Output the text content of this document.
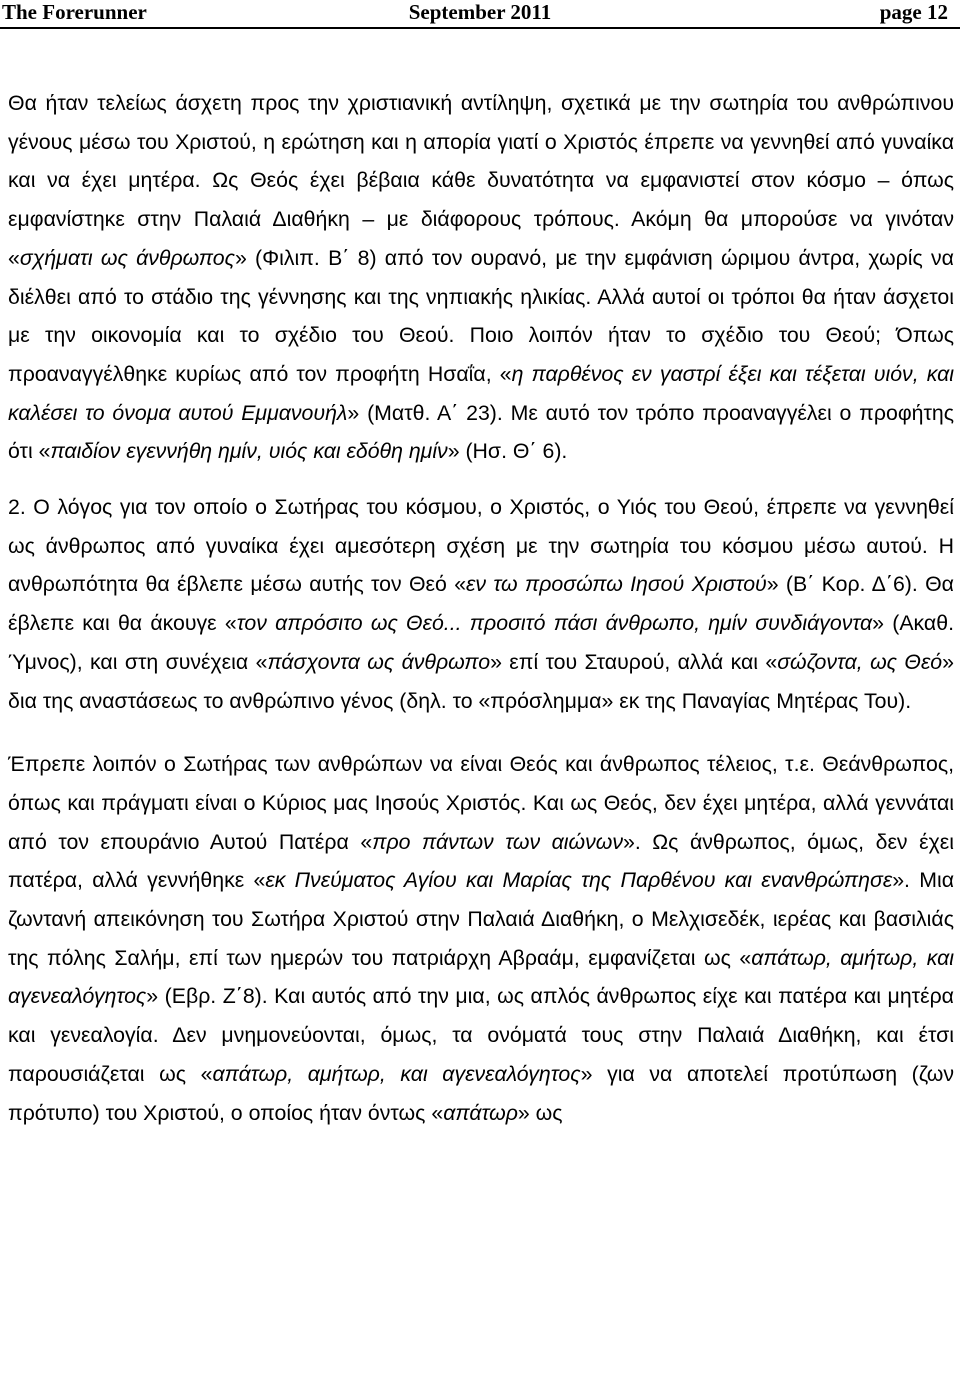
The Forerunner	September 2011	page 12

Θα ήταν τελείως άσχετη προς την χριστιανική αντίληψη, σχετικά με την σωτηρία του ανθρώπινου γένους μέσω του Χριστού, η ερώτηση και η απορία γιατί ο Χριστός έπρεπε να γεννηθεί από γυναίκα και να έχει μητέρα. Ως Θεός έχει βέβαια κάθε δυνατότητα να εμφανιστεί στον κόσμο – όπως εμφανίστηκε στην Παλαιά Διαθήκη – με διάφορους τρόπους. Ακόμη θα μπορούσε να γινόταν «σχήματι ως άνθρωπος» (Φιλιπ. Β΄ 8) από τον ουρανό, με την εμφάνιση ώριμου άντρα, χωρίς να διέλθει από το στάδιο της γέννησης και της νηπιακής ηλικίας. Αλλά αυτοί οι τρόποι θα ήταν άσχετοι με την οικονομία και το σχέδιο του Θεού. Ποιο λοιπόν ήταν το σχέδιο του Θεού; Όπως προαναγγέλθηκε κυρίως από τον προφήτη Ησαΐα, «η παρθένος εν γαστρί έξει και τέξεται υιόν, και καλέσει το όνομα αυτού Εμμανουήλ» (Ματθ. Α΄ 23). Με αυτό τον τρόπο προαναγγέλει ο προφήτης ότι «παιδίον εγεννήθη ημίν, υιός και εδόθη ημίν» (Ησ. Θ΄ 6).

2. Ο λόγος για τον οποίο ο Σωτήρας του κόσμου, ο Χριστός, ο Υιός του Θεού, έπρεπε να γεννηθεί ως άνθρωπος από γυναίκα έχει αμεσότερη σχέση με την σωτηρία του κόσμου μέσω αυτού. Η ανθρωπότητα θα έβλεπε μέσω αυτής τον Θεό «εν τω προσώπω Ιησού Χριστού» (Β΄ Κορ. Δ΄6). Θα έβλεπε και θα άκουγε «τον απρόσιτο ως Θεό... προσιτό πάσι άνθρωπο, ημίν συνδιάγοντα» (Ακαθ. Ύμνος), και στη συνέχεια «πάσχοντα ως άνθρωπο» επί του Σταυρού, αλλά και «σώζοντα, ως Θεό» δια της αναστάσεως το ανθρώπινο γένος (δηλ. το «πρόσλημμα» εκ της Παναγίας Μητέρας Του).

Έπρεπε λοιπόν ο Σωτήρας των ανθρώπων να είναι Θεός και άνθρωπος τέλειος, τ.ε. Θεάνθρωπος, όπως και πράγματι είναι ο Κύριος μας Ιησούς Χριστός. Και ως Θεός, δεν έχει μητέρα, αλλά γεννάται από τον επουράνιο Αυτού Πατέρα «προ πάντων των αιώνων». Ως άνθρωπος, όμως, δεν έχει πατέρα, αλλά γεννήθηκε «εκ Πνεύματος Αγίου και Μαρίας της Παρθένου και ενανθρώπησε». Μια ζωντανή απεικόνηση του Σωτήρα Χριστού στην Παλαιά Διαθήκη, ο Μελχισεδέκ, ιερέας και βασιλιάς της πόλης Σαλήμ, επί των ημερών του πατριάρχη Αβραάμ, εμφανίζεται ως «απάτωρ, αμήτωρ, και αγενεαλόγητος» (Εβρ. Ζ΄8). Και αυτός από την μια, ως απλός άνθρωπος είχε και πατέρα και μητέρα και γενεαλογία. Δεν μνημονεύονται, όμως, τα ονόματά τους στην Παλαιά Διαθήκη, και έτσι παρουσιάζεται ως «απάτωρ, αμήτωρ, και αγενεαλόγητος» για να αποτελεί προτύπωση (ζων πρότυπο) του Χριστού, ο οποίος ήταν όντως «απάτωρ» ως
